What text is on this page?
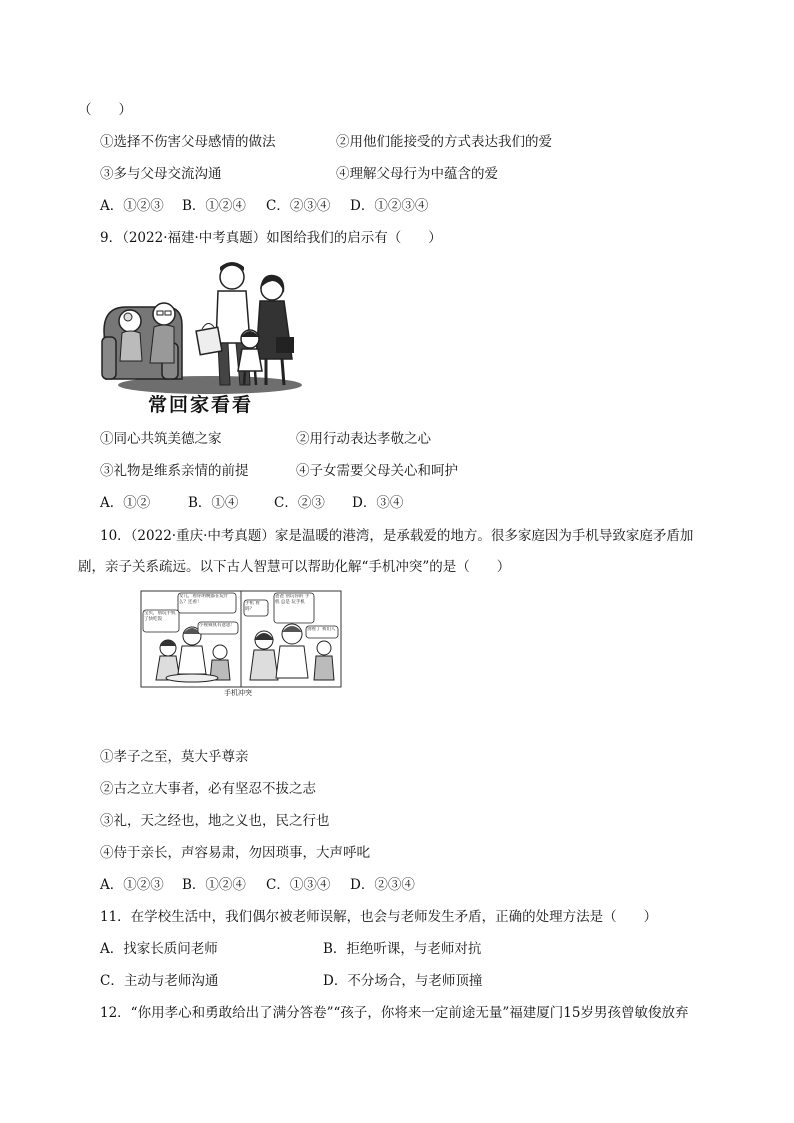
（　　）
①选择不伤害父母感情的做法	②用他们能接受的方式表达我们的爱
③多与父母交流沟通	④理解父母行为中蕴含的爱
A．①②③ B．①②④ C．②③④ D．①②③④
9．（2022·福建·中考真题）如图给我们的启示有（　　）
常回家看看
①同心共筑美德之家	②用行动表达孝敬之心
③礼物是维系亲情的前提	④子女需要父母关心和呵护
A．①②	B．①④	C．②③ D．③④
10．（2022·重庆·中考真题）家是温暖的港湾，是承载爱的地方。很多家庭因为手机导致家庭矛盾加
剧，亲子关系疏远。以下古人智慧可以帮助化解“手机冲突”的是（　　）
女儿，看你明晚都在玩什么？还看！
宝贝，别玩手机了快吃饭
小视频真有意思！
爸爸 别玩你的 手机 总是 玩手机
手机 看吗？
别看了 我们人
手机冲突
①孝子之至，莫大乎尊亲
②古之立大事者，必有坚忍不拔之志
③礼，天之经也，地之义也，民之行也
④侍于亲长，声容易肃，勿因琐事，大声呼叱
A．①②③ B．①②④ C．①③④ D．②③④
11．在学校生活中，我们偶尔被老师误解，也会与老师发生矛盾，正确的处理方法是（　　）
A．找家长质问老师	B．拒绝听课，与老师对抗
C．主动与老师沟通	D．不分场合，与老师顶撞
12．“你用孝心和勇敢给出了满分答卷”“孩子，你将来一定前途无量”福建厦门15岁男孩曾敏俊放弃
